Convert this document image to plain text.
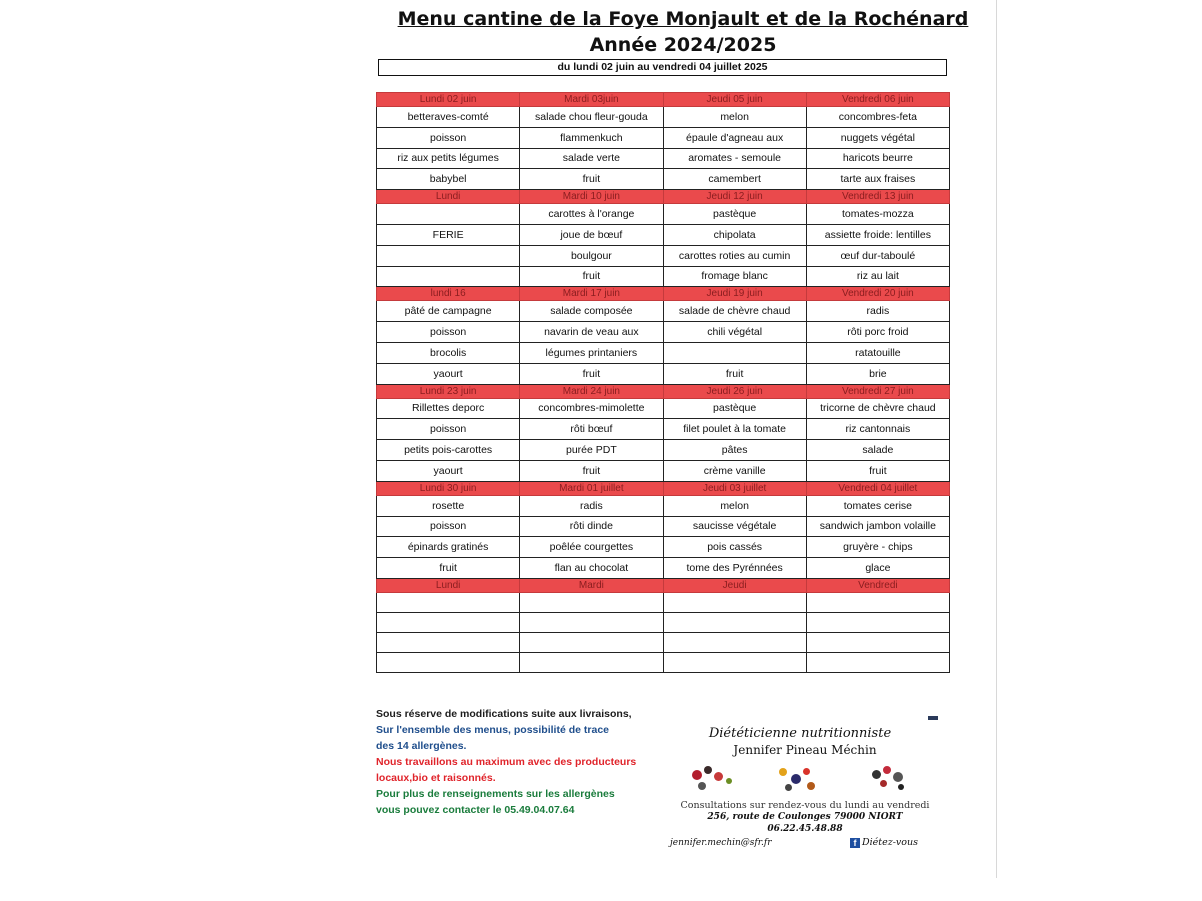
Menu cantine de la Foye Monjault et de la Rochénard
Année 2024/2025
du lundi 02 juin au vendredi 04 juillet 2025
Lundi 02 juin	Mardi 03juin	Jeudi 05 juin	Vendredi 06 juin
betteraves-comté	salade chou fleur-gouda	melon	concombres-feta
poisson	flammenkuch	épaule d'agneau aux	nuggets végétal
riz aux petits légumes	salade verte	aromates - semoule	haricots beurre
babybel	fruit	camembert	tarte aux fraises
Lundi	Mardi 10 juin	Jeudi 12 juin	Vendredi 13 juin
	carottes à l'orange	pastèque	tomates-mozza
FERIE	joue de bœuf	chipolata	assiette froide: lentilles
	boulgour	carottes roties au cumin	œuf dur-taboulé
	fruit	fromage blanc	riz au lait
lundi 16	Mardi 17 juin	Jeudi 19 juin	Vendredi 20 juin
pâté de campagne	salade composée	salade de chèvre chaud	radis
poisson	navarin de veau aux	chili végétal	rôti porc froid
brocolis	légumes printaniers		ratatouille
yaourt	fruit	fruit	brie
Lundi 23 juin	Mardi 24 juin	Jeudi 26 juin	Vendredi 27 juin
Rillettes deporc	concombres-mimolette	pastèque	tricorne de chèvre chaud
poisson	rôti bœuf	filet poulet à la tomate	riz cantonnais
petits pois-carottes	purée PDT	pâtes	salade
yaourt	fruit	crème vanille	fruit
Lundi 30 juin	Mardi 01 juillet	Jeudi 03 juillet	Vendredi 04 juillet
rosette	radis	melon	tomates cerise
poisson	rôti dinde	saucisse végétale	sandwich jambon volaille
épinards gratinés	poêlée courgettes	pois cassés	gruyère - chips
fruit	flan au chocolat	tome des Pyrénnées	glace
Lundi	Mardi	Jeudi	Vendredi

Sous réserve de modifications suite aux livraisons,
Sur l'ensemble des menus, possibilité de trace
des 14 allergènes.
Nous travaillons au maximum avec des producteurs
locaux,bio et raisonnés.
Pour plus de renseignements sur les allergènes
vous pouvez contacter le 05.49.04.07.64
Diététicienne nutritionniste
Jennifer Pineau Méchin
Consultations sur rendez-vous du lundi au vendredi
256, route de Coulonges 79000 NIORT
06.22.45.48.88
jennifer.mechin@sfr.fr	f Diétez-vous
